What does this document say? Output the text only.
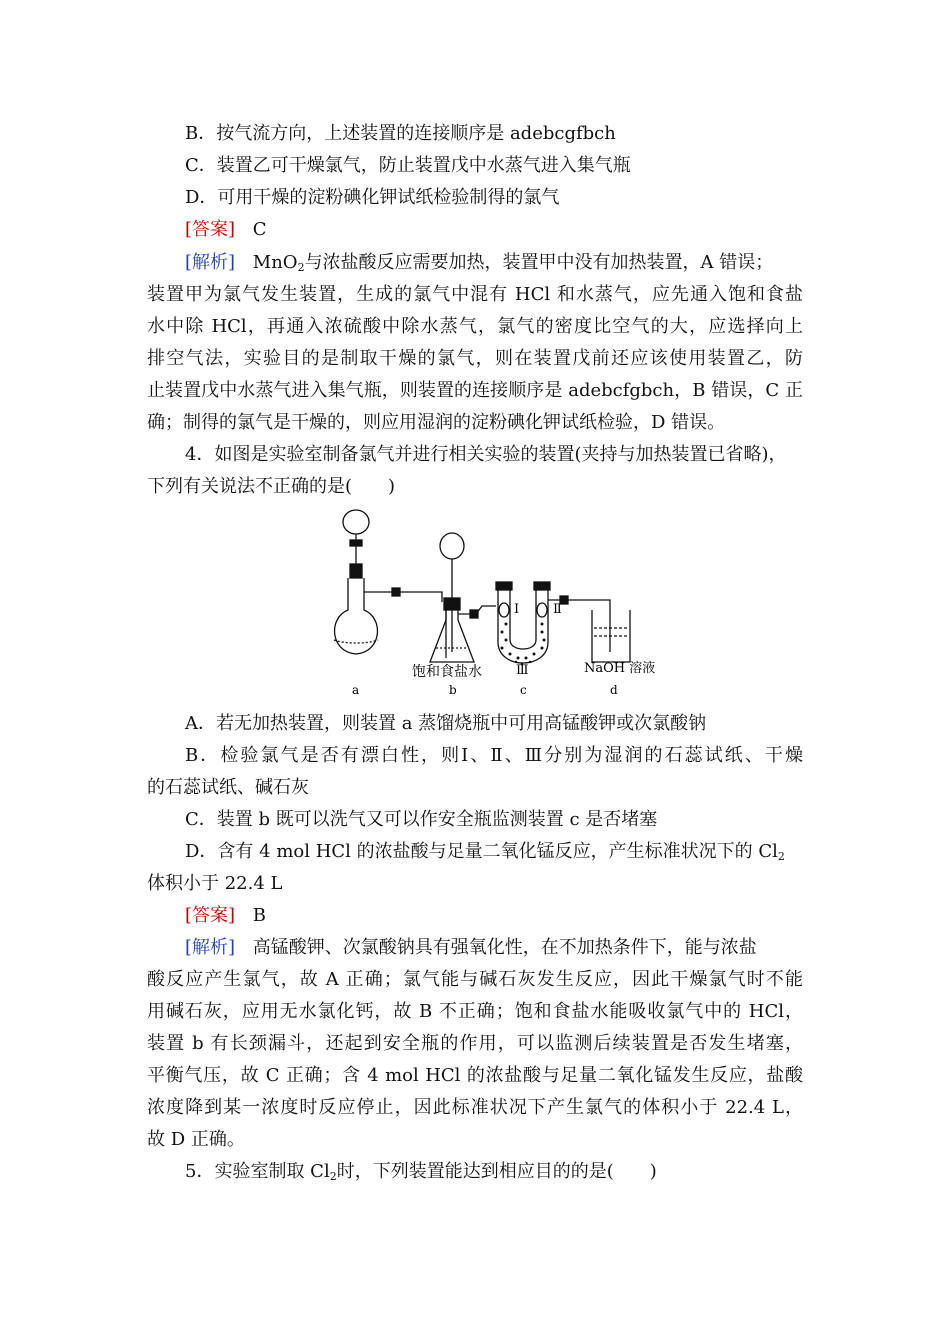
B．按气流方向，上述装置的连接顺序是 adebcgfbch
C．装置乙可干燥氯气，防止装置戊中水蒸气进入集气瓶
D．可用干燥的淀粉碘化钾试纸检验制得的氯气
[答案] C
[解析] MnO$_2$与浓盐酸反应需要加热，装置甲中没有加热装置，A 错误；
装置甲为氯气发生装置，生成的氯气中混有 HCl 和水蒸气，应先通入饱和食盐
水中除 HCl，再通入浓硫酸中除水蒸气，氯气的密度比空气的大，应选择向上
排空气法，实验目的是制取干燥的氯气，则在装置戊前还应该使用装置乙，防
止装置戊中水蒸气进入集气瓶，则装置的连接顺序是 adebcfgbch，B 错误，C 正
确；制得的氯气是干燥的，则应用湿润的淀粉碘化钾试纸检验，D 错误。
4．如图是实验室制备氯气并进行相关实验的装置(夹持与加热装置已省略)，
下列有关说法不正确的是(　　)
Ⅰ	Ⅱ
Ⅲ
饱和食盐水	NaOH 溶液
a	b	c	d
A．若无加热装置，则装置 a 蒸馏烧瓶中可用高锰酸钾或次氯酸钠
B．检验氯气是否有漂白性，则Ⅰ、Ⅱ、Ⅲ分别为湿润的石蕊试纸、干燥
的石蕊试纸、碱石灰
C．装置 b 既可以洗气又可以作安全瓶监测装置 c 是否堵塞
D．含有 4 mol HCl 的浓盐酸与足量二氧化锰反应，产生标准状况下的 $Cl_2$
体积小于 22.4 L
[答案] B
[解析] 高锰酸钾、次氯酸钠具有强氧化性，在不加热条件下，能与浓盐
酸反应产生氯气，故 A 正确；氯气能与碱石灰发生反应，因此干燥氯气时不能
用碱石灰，应用无水氯化钙，故 B 不正确；饱和食盐水能吸收氯气中的 HCl，
装置 b 有长颈漏斗，还起到安全瓶的作用，可以监测后续装置是否发生堵塞，
平衡气压，故 C 正确；含 4 mol HCl 的浓盐酸与足量二氧化锰发生反应，盐酸
浓度降到某一浓度时反应停止，因此标准状况下产生氯气的体积小于 22.4 L，
故 D 正确。
5．实验室制取 $Cl_2$时，下列装置能达到相应目的的是(　　)
